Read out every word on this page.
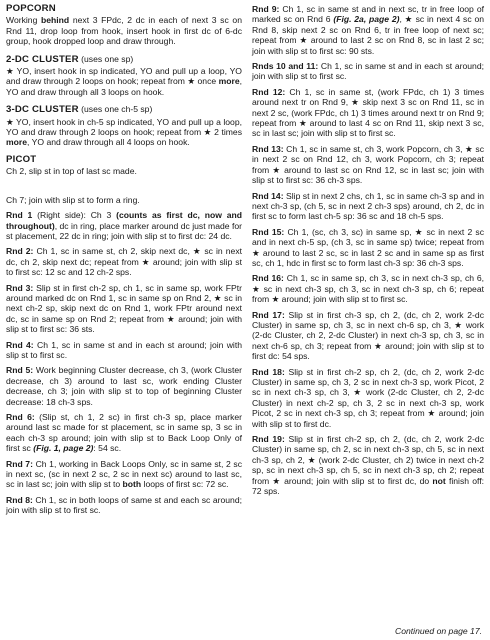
POPCORN
Working behind next 3 FPdc, 2 dc in each of next 3 sc on Rnd 11, drop loop from hook, insert hook in first dc of 6-dc group, hook dropped loop and draw through.
2-DC CLUSTER (uses one sp)
★ YO, insert hook in sp indicated, YO and pull up a loop, YO and draw through 2 loops on hook; repeat from ★ once more, YO and draw through all 3 loops on hook.
3-DC CLUSTER (uses one ch-5 sp)
★ YO, insert hook in ch-5 sp indicated, YO and pull up a loop, YO and draw through 2 loops on hook; repeat from ★ 2 times more, YO and draw through all 4 loops on hook.
PICOT
Ch 2, slip st in top of last sc made.
Ch 7; join with slip st to form a ring.
Rnd 1 (Right side): Ch 3 (counts as first dc, now and throughout), dc in ring, place marker around dc just made for st placement, 22 dc in ring; join with slip st to first dc: 24 dc.
Rnd 2: Ch 1, sc in same st, ch 2, skip next dc, ★ sc in next dc, ch 2, skip next dc; repeat from ★ around; join with slip st to first sc: 12 sc and 12 ch-2 sps.
Rnd 3: Slip st in first ch-2 sp, ch 1, sc in same sp, work FPtr around marked dc on Rnd 1, sc in same sp on Rnd 2, ★ sc in next ch-2 sp, skip next dc on Rnd 1, work FPtr around next dc, sc in same sp on Rnd 2; repeat from ★ around; join with slip st to first sc: 36 sts.
Rnd 4: Ch 1, sc in same st and in each st around; join with slip st to first sc.
Rnd 5: Work beginning Cluster decrease, ch 3, (work Cluster decrease, ch 3) around to last sc, work ending Cluster decrease, ch 3; join with slip st to top of beginning Cluster decrease: 18 ch-3 sps.
Rnd 6: (Slip st, ch 1, 2 sc) in first ch-3 sp, place marker around last sc made for st placement, sc in same sp, 3 sc in each ch-3 sp around; join with slip st to Back Loop Only of first sc (Fig. 1, page 2): 54 sc.
Rnd 7: Ch 1, working in Back Loops Only, sc in same st, 2 sc in next sc, (sc in next 2 sc, 2 sc in next sc) around to last sc, sc in last sc; join with slip st to both loops of first sc: 72 sc.
Rnd 8: Ch 1, sc in both loops of same st and each sc around; join with slip st to first sc.
Rnd 9: Ch 1, sc in same st and in next sc, tr in free loop of marked sc on Rnd 6 (Fig. 2a, page 2), ★ sc in next 4 sc on Rnd 8, skip next 2 sc on Rnd 6, tr in free loop of next sc; repeat from ★ around to last 2 sc on Rnd 8, sc in last 2 sc; join with slip st to first sc: 90 sts.
Rnds 10 and 11: Ch 1, sc in same st and in each st around; join with slip st to first sc.
Rnd 12: Ch 1, sc in same st, (work FPdc, ch 1) 3 times around next tr on Rnd 9, ★ skip next 3 sc on Rnd 11, sc in next 2 sc, (work FPdc, ch 1) 3 times around next tr on Rnd 9; repeat from ★ around to last 4 sc on Rnd 11, skip next 3 sc, sc in last sc; join with slip st to first sc.
Rnd 13: Ch 1, sc in same st, ch 3, work Popcorn, ch 3, ★ sc in next 2 sc on Rnd 12, ch 3, work Popcorn, ch 3; repeat from ★ around to last sc on Rnd 12, sc in last sc; join with slip st to first sc: 36 ch-3 sps.
Rnd 14: Slip st in next 2 chs, ch 1, sc in same ch-3 sp and in next ch-3 sp, (ch 5, sc in next 2 ch-3 sps) around, ch 2, dc in first sc to form last ch-5 sp: 36 sc and 18 ch-5 sps.
Rnd 15: Ch 1, (sc, ch 3, sc) in same sp, ★ sc in next 2 sc and in next ch-5 sp, (ch 3, sc in same sp) twice; repeat from ★ around to last 2 sc, sc in last 2 sc and in same sp as first sc, ch 1, hdc in first sc to form last ch-3 sp: 36 ch-3 sps.
Rnd 16: Ch 1, sc in same sp, ch 3, sc in next ch-3 sp, ch 6, ★ sc in next ch-3 sp, ch 3, sc in next ch-3 sp, ch 6; repeat from ★ around; join with slip st to first sc.
Rnd 17: Slip st in first ch-3 sp, ch 2, (dc, ch 2, work 2-dc Cluster) in same sp, ch 3, sc in next ch-6 sp, ch 3, ★ work (2-dc Cluster, ch 2, 2-dc Cluster) in next ch-3 sp, ch 3, sc in next ch-6 sp, ch 3; repeat from ★ around; join with slip st to first dc: 54 sps.
Rnd 18: Slip st in first ch-2 sp, ch 2, (dc, ch 2, work 2-dc Cluster) in same sp, ch 3, 2 sc in next ch-3 sp, work Picot, 2 sc in next ch-3 sp, ch 3, ★ work (2-dc Cluster, ch 2, 2-dc Cluster) in next ch-2 sp, ch 3, 2 sc in next ch-3 sp, work Picot, 2 sc in next ch-3 sp, ch 3; repeat from ★ around; join with slip st to first dc.
Rnd 19: Slip st in first ch-2 sp, ch 2, (dc, ch 2, work 2-dc Cluster) in same sp, ch 2, sc in next ch-3 sp, ch 5, sc in next ch-3 sp, ch 2, ★ (work 2-dc Cluster, ch 2) twice in next ch-2 sp, sc in next ch-3 sp, ch 5, sc in next ch-3 sp, ch 2; repeat from ★ around; join with slip st to first dc, do not finish off: 72 sps.
Continued on page 17.
